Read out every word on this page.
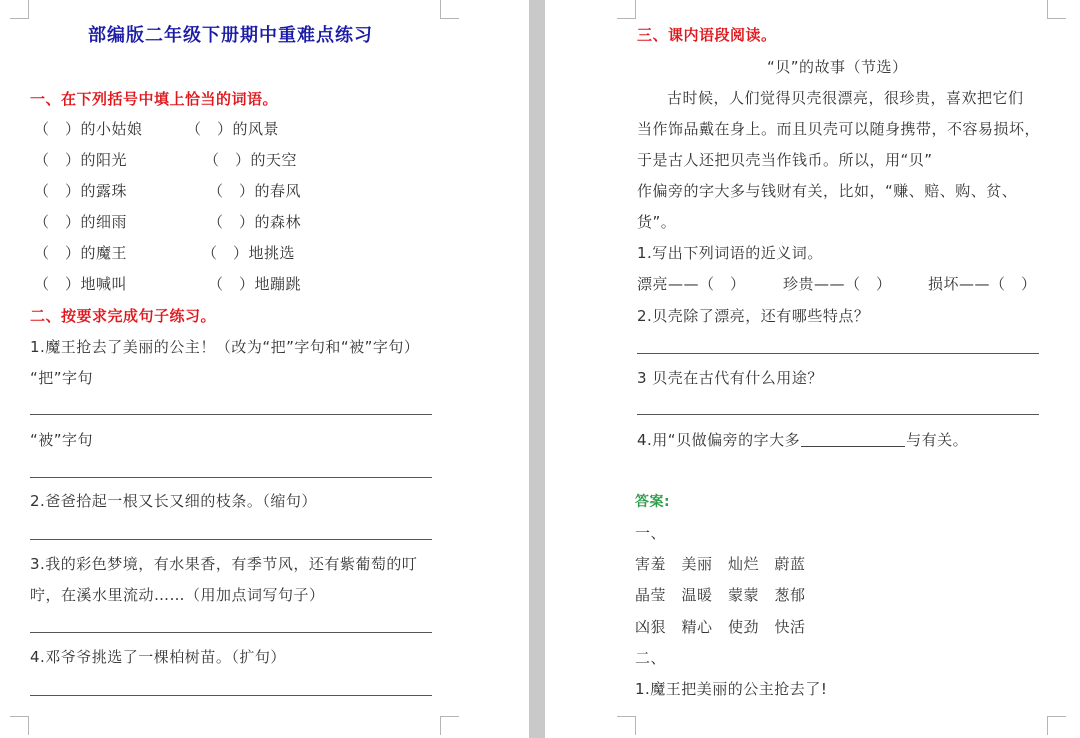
部编版二年级下册期中重难点练习
一、在下列括号中填上恰当的词语。
（　）的小姑娘	（　）的风景
（　）的阳光	（　）的天空
（　）的露珠	（　）的春风
（　）的细雨	（　）的森林
（　）的魔王	（　）地挑选
（　）地喊叫	（　）地蹦跳
二、按要求完成句子练习。
1.魔王抢去了美丽的公主！（改为“把”字句和“被”字句）
“把”字句
“被”字句
2.爸爸拾起一根又长又细的枝条。（缩句）
3.我的彩色梦境，有水果香，有季节风，还有紫葡萄的叮
咛，在溪水里流动……（用加点词写句子）
4.邓爷爷挑选了一棵柏树苗。（扩句）
三、课内语段阅读。
“贝”的故事（节选）
古时候，人们觉得贝壳很漂亮，很珍贵，喜欢把它们
当作饰品戴在身上。而且贝壳可以随身携带，不容易损坏，
于是古人还把贝壳当作钱币。所以，用“贝”
作偏旁的字大多与钱财有关，比如，“赚、赔、购、贫、
货”。
1.写出下列词语的近义词。
漂亮——（　） 珍贵——（　） 损坏——（　）
2.贝壳除了漂亮，还有哪些特点？
3 贝壳在古代有什么用途？
4.用“贝做偏旁的字大多	与有关。
答案:
一、
害羞　美丽　灿烂　蔚蓝
晶莹　温暖　蒙蒙　葱郁
凶狠　精心　使劲　快活
二、
1.魔王把美丽的公主抢去了!
